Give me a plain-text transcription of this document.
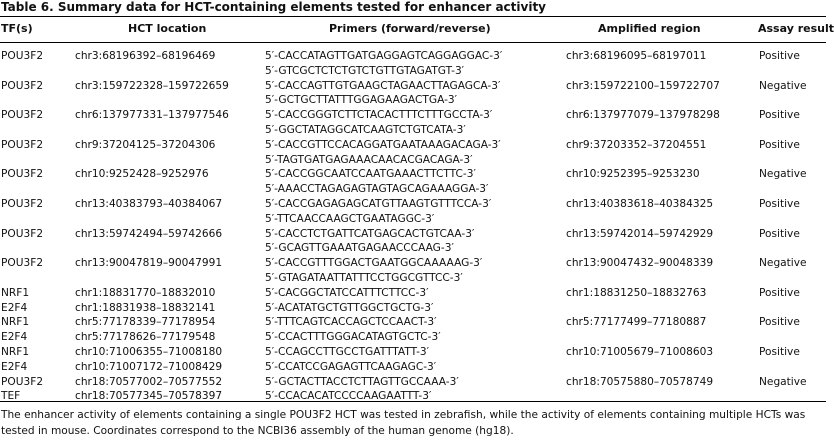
Table 6. Summary data for HCT-containing elements tested for enhancer activity
TF(s)	HCT location	Primers (forward/reverse)	Amplified region	Assay result
POU3F2	chr3:68196392–68196469	5′-CACCATAGTTGATGAGGAGTCAGGAGGAC-3′	chr3:68196095–68197011	Positive
5′-GTCGCTCTCTGTCTGTTGTAGATGT-3′
POU3F2	chr3:159722328–159722659	5′-CACCAGTTGTGAAGCTAGAACTTAGAGCA-3′	chr3:159722100–159722707	Negative
5′-GCTGCTTATTTGGAGAAGACTGA-3′
POU3F2	chr6:137977331–137977546	5′-CACCGGGTCTTCTACACTTTCTTTGCCTA-3′	chr6:137977079–137978298	Positive
5′-GGCTATAGGCATCAAGTCTGTCATA-3′
POU3F2	chr9:37204125–37204306	5′-CACCGTTCCACAGGATGAATAAAGACAGA-3′	chr9:37203352–37204551	Positive
5′-TAGTGATGAGAAACAACACGACAGA-3′
POU3F2	chr10:9252428–9252976	5′-CACCGGCAATCCAATGAAACTTCTTC-3′	chr10:9252395–9253230	Negative
5′-AAACCTAGAGAGTAGTAGCAGAAAGGA-3′
POU3F2	chr13:40383793–40384067	5′-CACCGAGAGAGCATGTTAAGTGTTTCCA-3′	chr13:40383618–40384325	Positive
5′-TTCAACCAAGCTGAATAGGC-3′
POU3F2	chr13:59742494–59742666	5′-CACCTCTGATTCATGAGCACTGTCAA-3′	chr13:59742014–59742929	Positive
5′-GCAGTTGAAATGAGAACCCAAG-3′
POU3F2	chr13:90047819–90047991	5′-CACCGTTTGGACTGAATGGCAAAAAG-3′	chr13:90047432–90048339	Negative
5′-GTAGATAATTATTTCCTGGCGTTCC-3′
NRF1	chr1:18831770–18832010	5′-CACGGCTATCCATTTCTTCC-3′	chr1:18831250–18832763	Positive
E2F4	chr1:18831938–18832141	5′-ACATATGCTGTTGGCTGCTG-3′
NRF1	chr5:77178339–77178954	5′-TTTCAGTCACCAGCTCCAACT-3′	chr5:77177499–77180887	Positive
E2F4	chr5:77178626–77179548	5′-CCACTTTGGGACATAGTGCTC-3′
NRF1	chr10:71006355–71008180	5′-CCAGCCTTGCCTGATTTATT-3′	chr10:71005679–71008603	Positive
E2F4	chr10:71007172–71008429	5′-CCATCCGAGAGTTCAAGAGC-3′
POU3F2	chr18:70577002–70577552	5′-GCTACTTACCTCTTAGTTGCCAAA-3′	chr18:70575880–70578749	Negative
TEF	chr18:70577345–70578397	5′-CCACACATCCCCAAGAATTT-3′
The enhancer activity of elements containing a single POU3F2 HCT was tested in zebrafish, while the activity of elements containing multiple HCTs was tested in mouse. Coordinates correspond to the NCBI36 assembly of the human genome (hg18).
